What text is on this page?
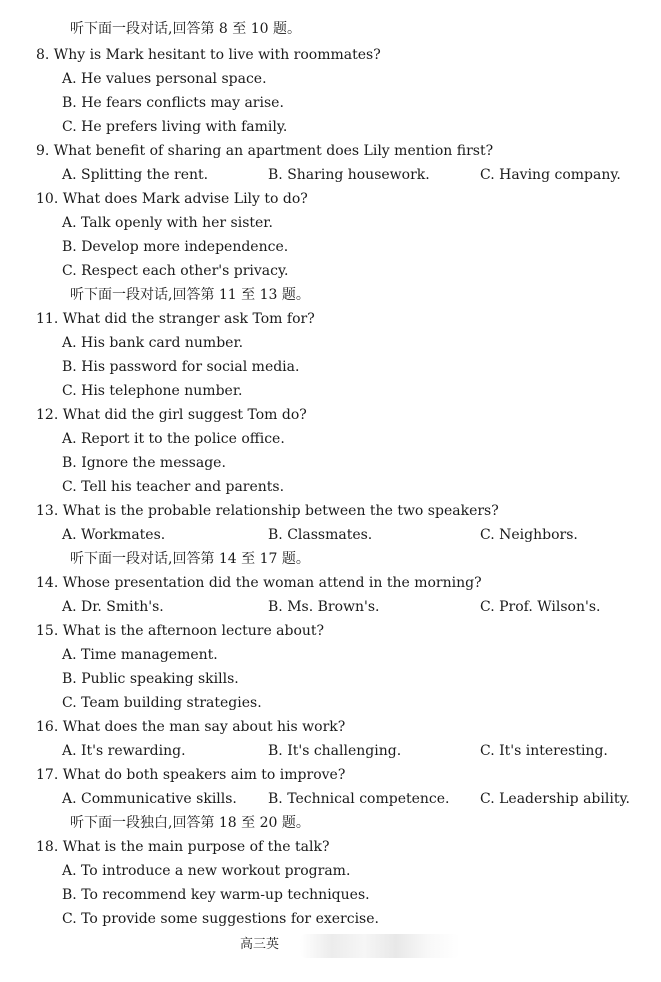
听下面一段对话,回答第 8 至 10 题。
8. Why is Mark hesitant to live with roommates?
A. He values personal space.
B. He fears conflicts may arise.
C. He prefers living with family.
9. What benefit of sharing an apartment does Lily mention first?
A. Splitting the rent.	B. Sharing housework.	C. Having company.
10. What does Mark advise Lily to do?
A. Talk openly with her sister.
B. Develop more independence.
C. Respect each other's privacy.
听下面一段对话,回答第 11 至 13 题。
11. What did the stranger ask Tom for?
A. His bank card number.
B. His password for social media.
C. His telephone number.
12. What did the girl suggest Tom do?
A. Report it to the police office.
B. Ignore the message.
C. Tell his teacher and parents.
13. What is the probable relationship between the two speakers?
A. Workmates.	B. Classmates.	C. Neighbors.
听下面一段对话,回答第 14 至 17 题。
14. Whose presentation did the woman attend in the morning?
A. Dr. Smith's.	B. Ms. Brown's.	C. Prof. Wilson's.
15. What is the afternoon lecture about?
A. Time management.
B. Public speaking skills.
C. Team building strategies.
16. What does the man say about his work?
A. It's rewarding.	B. It's challenging.	C. It's interesting.
17. What do both speakers aim to improve?
A. Communicative skills. B. Technical competence. C. Leadership ability.
听下面一段独白,回答第 18 至 20 题。
18. What is the main purpose of the talk?
A. To introduce a new workout program.
B. To recommend key warm-up techniques.
C. To provide some suggestions for exercise.
高三英
